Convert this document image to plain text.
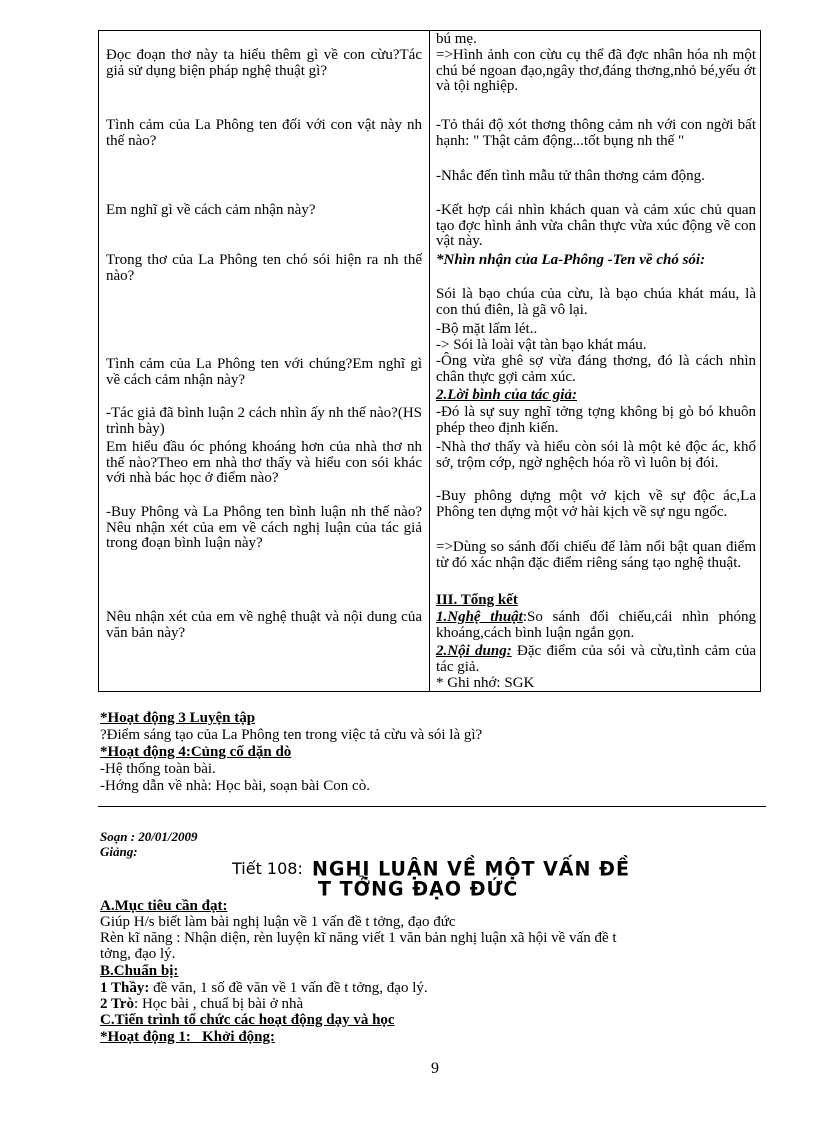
Đọc đoạn thơ này ta hiểu thêm gì về con cừu?Tác giả sử dụng biện pháp nghệ thuật gì?
Tình cảm của La Phông ten đối với con vật này nh thế nào?
Em nghĩ gì về cách cảm nhận này?
Trong thơ của La Phông ten chó sói hiện ra nh thế nào?
Tình cảm của La Phông ten với chúng?Em nghĩ gì về cách cảm nhận này?
-Tác giả đã bình luận 2 cách nhìn ấy nh thế nào?(HS trình bày)
Em hiểu đầu óc phóng khoáng hơn của nhà thơ nh thế nào?Theo em nhà thơ thấy và hiểu con sói khác với nhà bác học ở điểm nào?
-Buy Phông và La Phông ten bình luận nh thế nào?Nêu nhận xét của em về cách nghị luận của tác giả trong đoạn bình luận này?
Nêu nhận xét của em về nghệ thuật và nội dung của văn bản này?
bú mẹ.
=>Hình ảnh con cừu cụ thể đã đợc nhân hóa nh một chú bé ngoan đạo,ngây thơ,đáng thơng,nhỏ bé,yếu ớt và tội nghiệp.
-Tỏ thái độ xót thơng thông cảm nh với con ngời bất hạnh: " Thật cảm động...tốt bụng nh thế "
-Nhắc đến tình mẫu tử thân thơng cảm động.
-Kết hợp cái nhìn khách quan và cảm xúc chủ quan tạo đợc hình ảnh vừa chân thực vừa xúc động về con vật này.
*Nhìn nhận của La-Phông -Ten về chó sói:
Sói là bạo chúa của cừu, là bạo chúa khát máu, là con thú điên, là gã vô lại.
-Bộ mặt lấm lét..
-> Sói là loài vật tàn bạo khát máu.
-Ông vừa ghê sợ vừa đáng thơng, đó là cách nhìn chân thực gợi cảm xúc.
2.Lời bình của tác giả:
-Đó là sự suy nghĩ tởng tợng không bị gò bó khuôn phép theo định kiến.
-Nhà thơ thấy và hiểu còn sói là một kẻ độc ác, khổ sở, trộm cớp, ngờ nghệch hóa rồ vì luôn bị đói.
-Buy phông dựng một vở kịch về sự độc ác,La Phông ten dựng một vở hài kịch về sự ngu ngốc.
=>Dùng so sánh đối chiếu để làm nổi bật quan điểm từ đó xác nhận đặc điểm riêng sáng tạo nghệ thuật.
III. Tổng kết
1.Nghệ thuật:So sánh đối chiếu,cái nhìn phóng khoáng,cách bình luận ngắn gọn.
2.Nội dung: Đặc điểm của sói và cừu,tình cảm của tác giả.
* Ghi nhớ: SGK
*Hoạt động 3 Luyện tập
?Điểm sáng tạo của La Phông ten trong việc tả cừu và sói là gì?
*Hoạt động 4:Củng cố dặn dò
-Hệ thống toàn bài.
-Hớng dẫn về nhà: Học bài, soạn bài Con cò.
Soạn : 20/01/2009
Giảng:
Tiết 108: NGHỊ LUẬN VỀ MỘT VẤN ĐỀ
T TỞNG ĐẠO ĐỨC
A.Mục tiêu cần đạt:
Giúp H/s biết làm bài nghị luận về 1 vấn đề t tởng, đạo đức
Rèn kĩ năng : Nhận diện, rèn luyện kĩ năng viết 1 văn bản nghị luận xã hội về vấn đề t
tởng, đạo lý.
B.Chuẩn bị:
1 Thầy: đề văn, 1 số đề văn về 1 vấn đề t tởng, đạo lý.
2 Trò: Học bài , chuẩ bị bài ở nhà
C.Tiến trình tổ chức các hoạt động dạy và học
*Hoạt động 1:   Khởi động:
9
